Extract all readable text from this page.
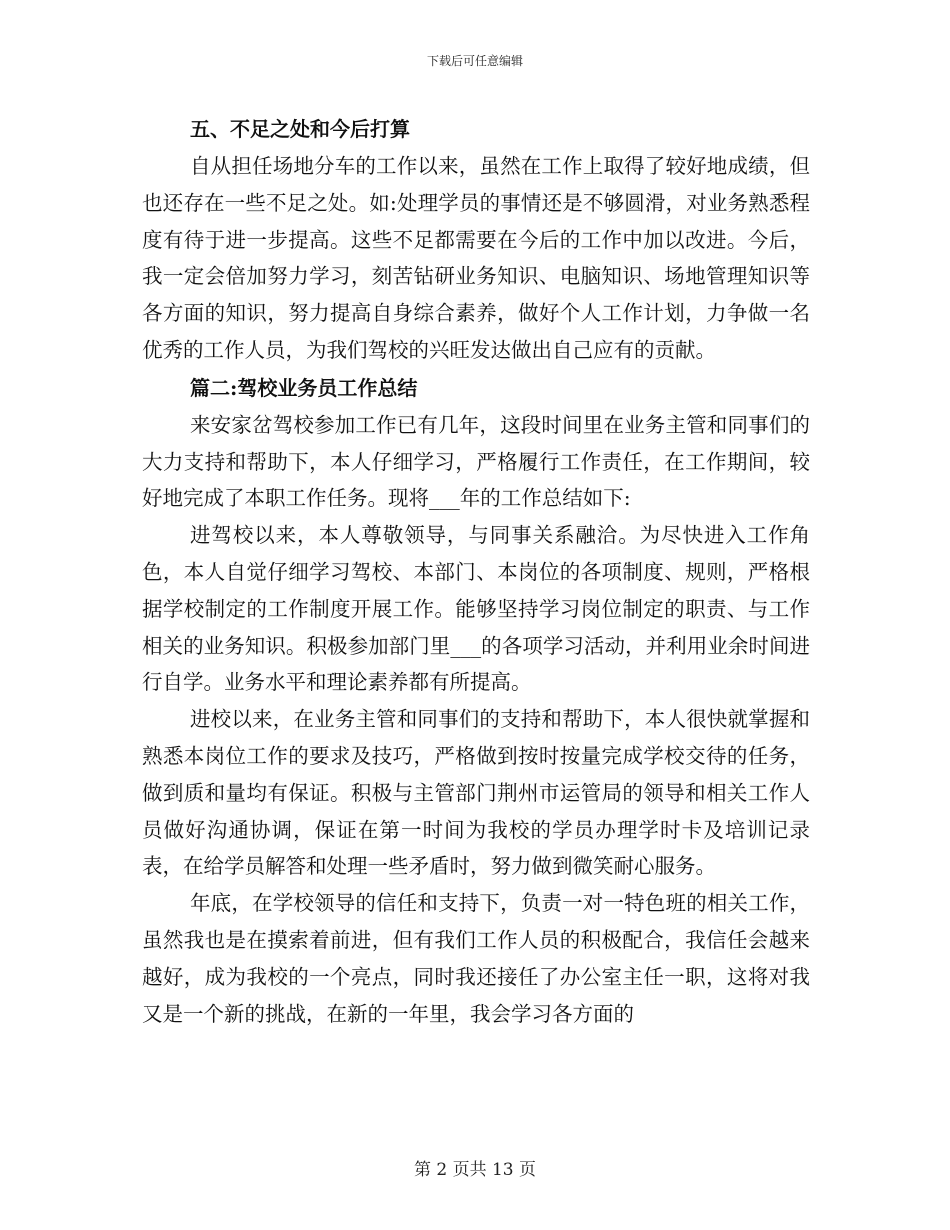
下载后可任意编辑
五、不足之处和今后打算

自从担任场地分车的工作以来，虽然在工作上取得了较好地成绩，但也还存在一些不足之处。如:处理学员的事情还是不够圆滑，对业务熟悉程度有待于进一步提高。这些不足都需要在今后的工作中加以改进。今后，我一定会倍加努力学习，刻苦钻研业务知识、电脑知识、场地管理知识等各方面的知识，努力提高自身综合素养，做好个人工作计划，力争做一名优秀的工作人员，为我们驾校的兴旺发达做出自己应有的贡献。

篇二:驾校业务员工作总结

来安家岔驾校参加工作已有几年，这段时间里在业务主管和同事们的大力支持和帮助下，本人仔细学习，严格履行工作责任，在工作期间，较好地完成了本职工作任务。现将___年的工作总结如下:

进驾校以来，本人尊敬领导，与同事关系融洽。为尽快进入工作角色，本人自觉仔细学习驾校、本部门、本岗位的各项制度、规则，严格根据学校制定的工作制度开展工作。能够坚持学习岗位制定的职责、与工作相关的业务知识。积极参加部门里___的各项学习活动，并利用业余时间进行自学。业务水平和理论素养都有所提高。

进校以来，在业务主管和同事们的支持和帮助下，本人很快就掌握和熟悉本岗位工作的要求及技巧，严格做到按时按量完成学校交待的任务，做到质和量均有保证。积极与主管部门荆州市运管局的领导和相关工作人员做好沟通协调，保证在第一时间为我校的学员办理学时卡及培训记录表，在给学员解答和处理一些矛盾时，努力做到微笑耐心服务。

年底，在学校领导的信任和支持下，负责一对一特色班的相关工作，虽然我也是在摸索着前进，但有我们工作人员的积极配合，我信任会越来越好，成为我校的一个亮点，同时我还接任了办公室主任一职，这将对我又是一个新的挑战，在新的一年里，我会学习各方面的

第 2 页共 13 页
